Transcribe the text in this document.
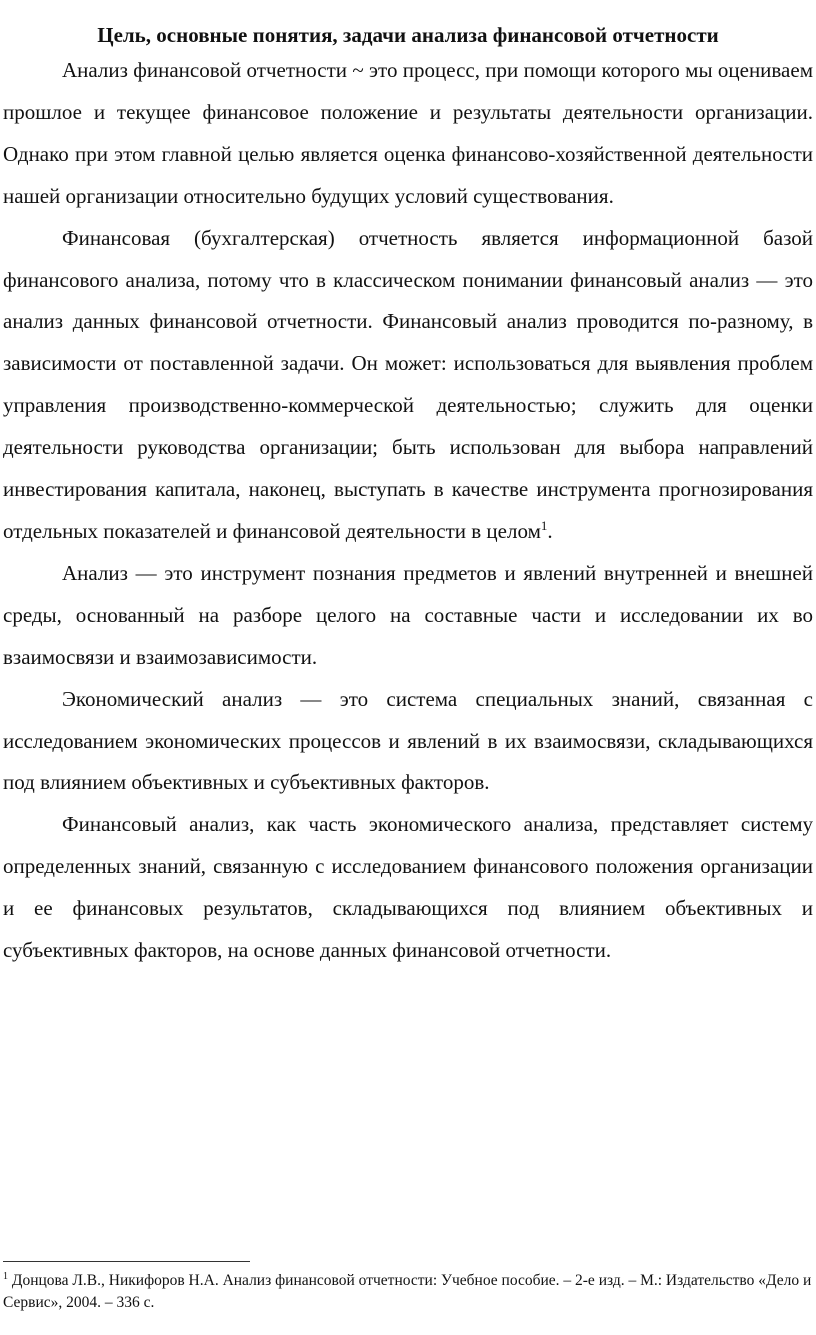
Цель, основные понятия, задачи анализа финансовой отчетности

Анализ финансовой отчетности ~ это процесс, при помощи которого мы оцениваем прошлое и текущее финансовое положение и результаты деятельности организации. Однако при этом главной целью является оценка финансово-хозяйственной деятельности нашей организации относительно будущих условий существования.

Финансовая (бухгалтерская) отчетность является информационной базой финансового анализа, потому что в классическом понимании финансовый анализ — это анализ данных финансовой отчетности. Финансовый анализ проводится по-разному, в зависимости от поставленной задачи. Он может: использоваться для выявления проблем управления производственно-коммерческой деятельностью; служить для оценки деятельности руководства организации; быть использован для выбора направлений инвестирования капитала, наконец, выступать в качестве инструмента прогнозирования отдельных показателей и финансовой деятельности в целом$^1$.

Анализ — это инструмент познания предметов и явлений внутренней и внешней среды, основанный на разборе целого на составные части и исследовании их во взаимосвязи и взаимозависимости.

Экономический анализ — это система специальных знаний, связанная с исследованием экономических процессов и явлений в их взаимосвязи, складывающихся под влиянием объективных и субъективных факторов.

Финансовый анализ, как часть экономического анализа, представляет систему определенных знаний, связанную с исследованием финансового положения организации и ее финансовых результатов, складывающихся под влиянием объективных и субъективных факторов, на основе данных финансовой отчетности.

$^1$ Донцова Л.В., Никифоров Н.А. Анализ финансовой отчетности: Учебное пособие. – 2-е изд. – М.: Издательство «Дело и Сервис», 2004. – 336 с.
